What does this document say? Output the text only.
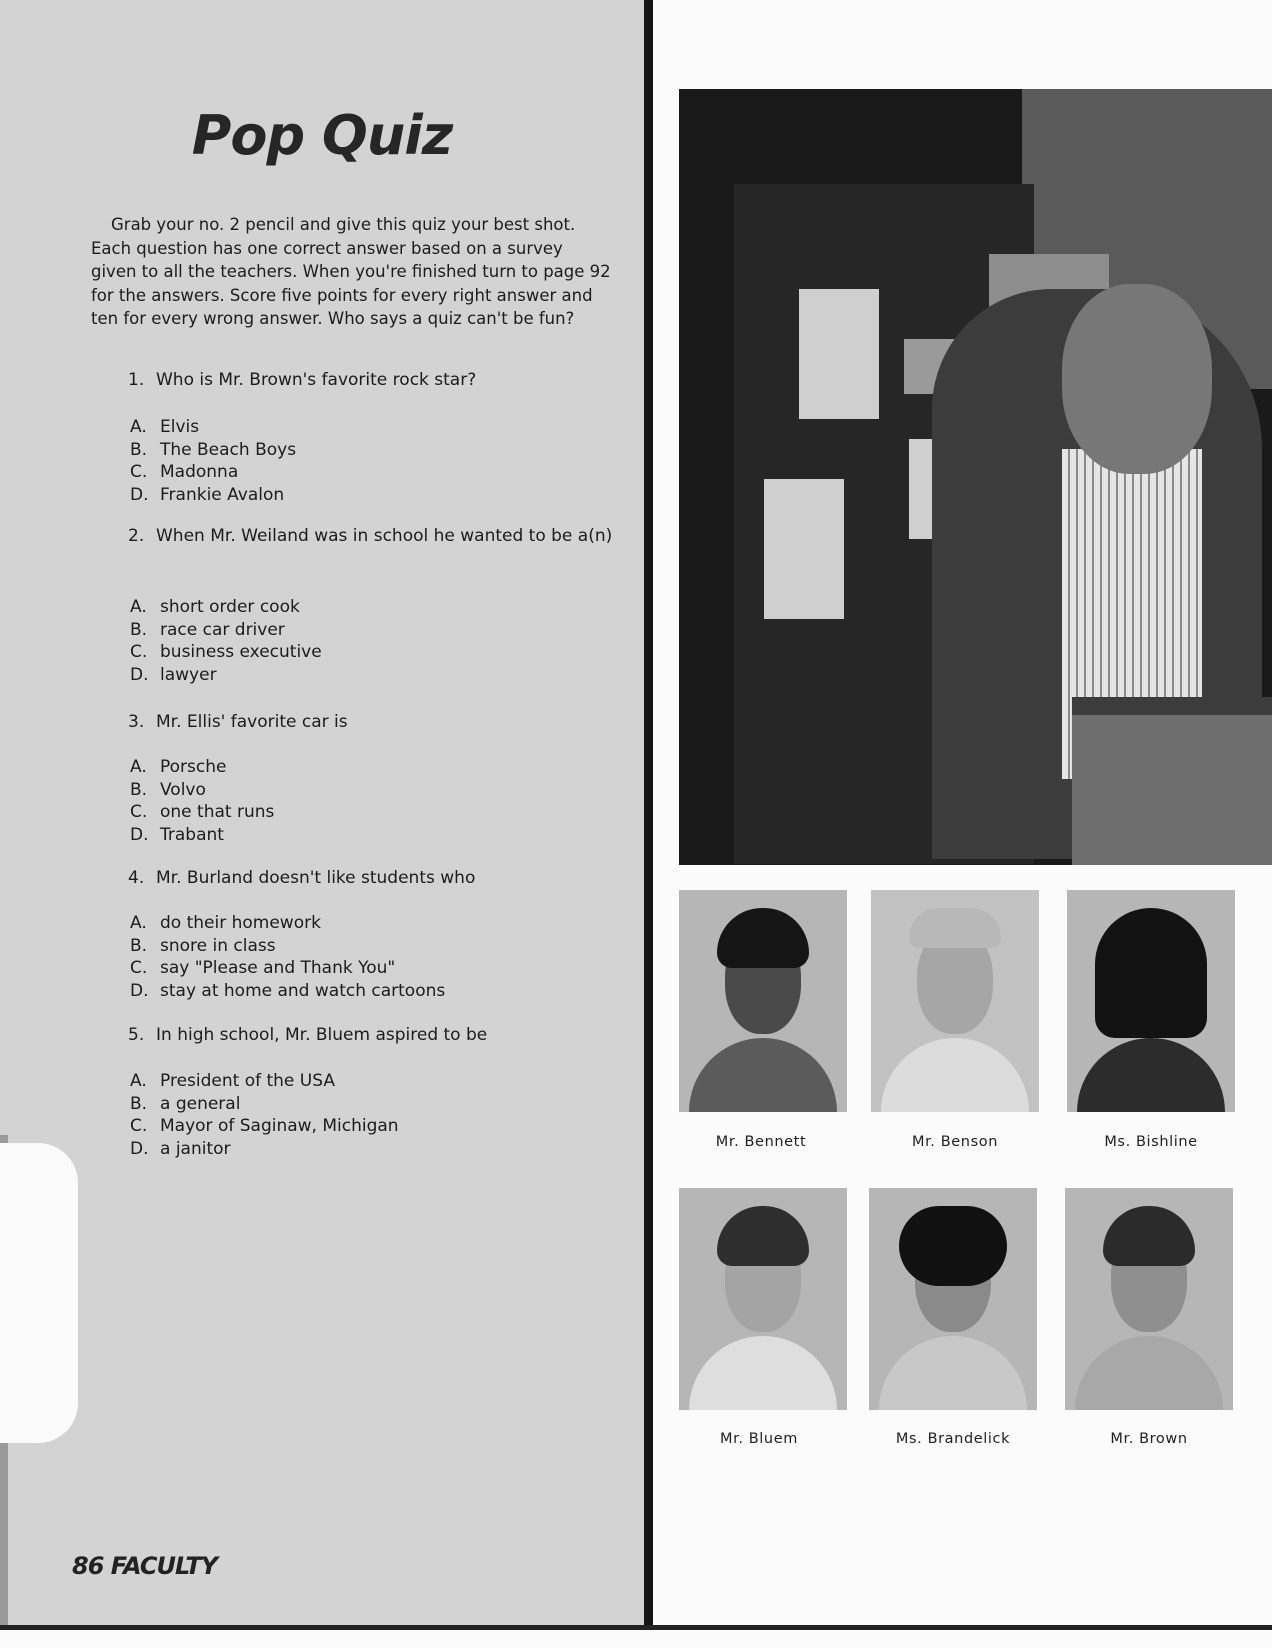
Pop Quiz

Grab your no. 2 pencil and give this quiz your best shot. Each question has one correct answer based on a survey given to all the teachers. When you're finished turn to page 92 for the answers. Score five points for every right answer and ten for every wrong answer. Who says a quiz can't be fun?

1. Who is Mr. Brown's favorite rock star?

A. Elvis
B. The Beach Boys
C. Madonna
D. Frankie Avalon

2. When Mr. Weiland was in school he wanted to be a(n)

A. short order cook
B. race car driver
C. business executive
D. lawyer

3. Mr. Ellis' favorite car is

A. Porsche
B. Volvo
C. one that runs
D. Trabant

4. Mr. Burland doesn't like students who

A. do their homework
B. snore in class
C. say "Please and Thank You"
D. stay at home and watch cartoons

5. In high school, Mr. Bluem aspired to be

A. President of the USA
B. a general
C. Mayor of Saginaw, Michigan
D. a janitor

86 FACULTY

Mr. Bennett	Mr. Benson	Ms. Bishline

Mr. Bluem	Ms. Brandelick	Mr. Brown
